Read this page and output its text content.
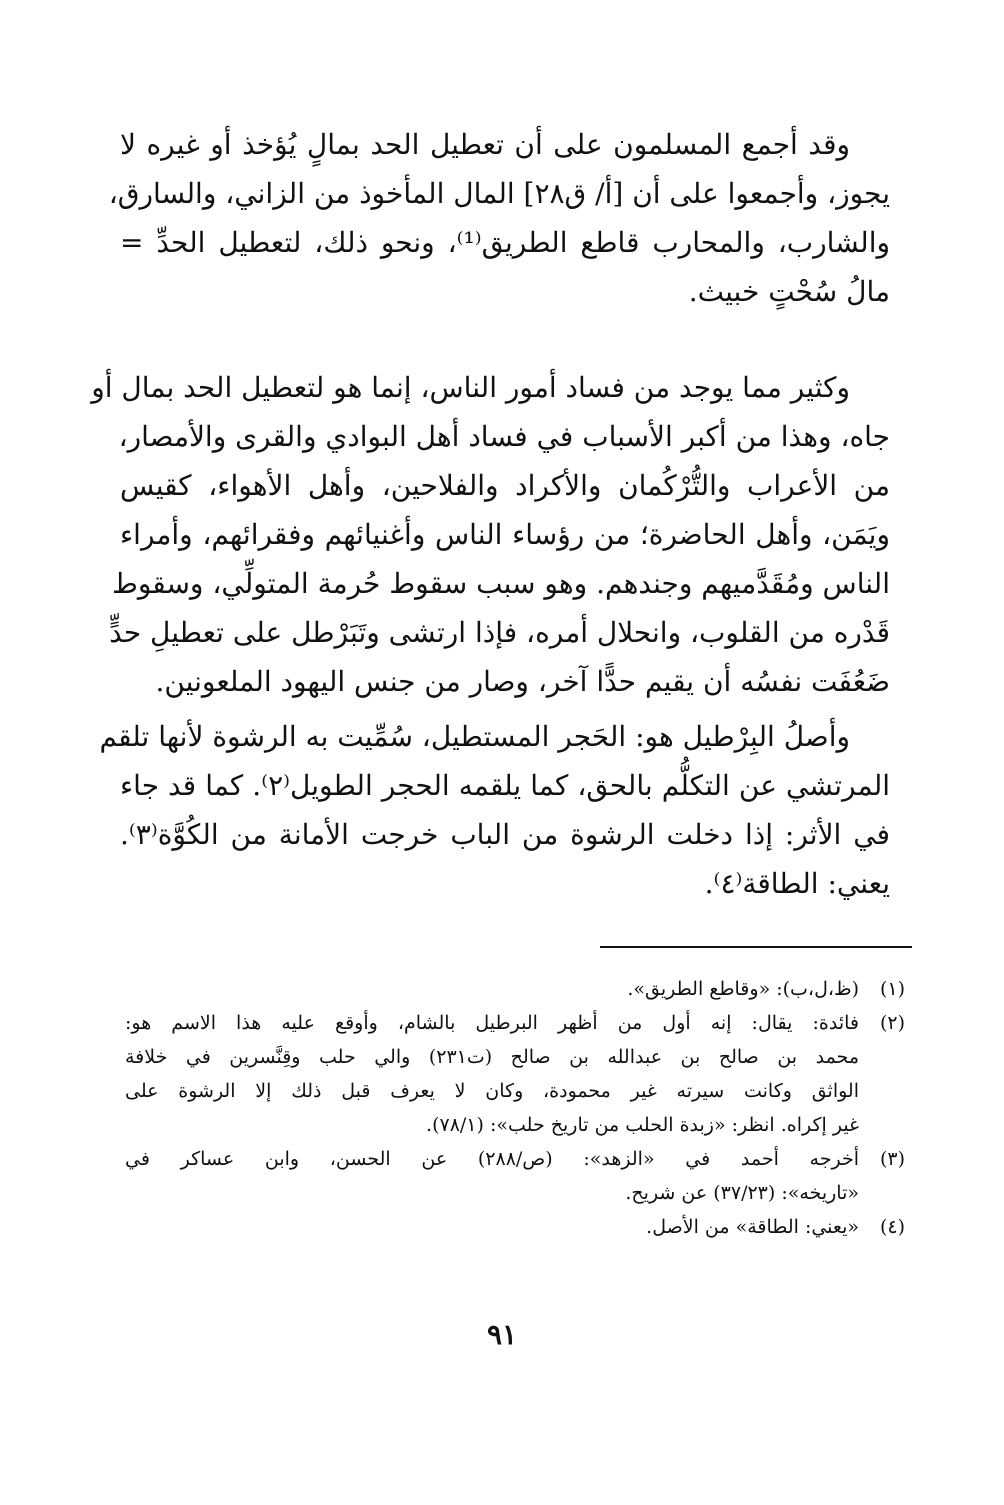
وقد أجمع المسلمون على أن تعطيل الحد بمالٍ يُؤخذ أو غيره لا
يجوز، وأجمعوا على أن [أ/ ق٢٨] المال المأخوذ من الزاني، والسارق،
والشارب، والمحارب قاطع الطريق⁽¹⁾، ونحو ذلك، لتعطيل الحدِّ =
مالُ سُحْتٍ خبيث.
وكثير مما يوجد من فساد أمور الناس، إنما هو لتعطيل الحد بمال أو
جاه، وهذا من أكبر الأسباب في فساد أهل البوادي والقرى والأمصار،
من الأعراب والتُّرْكُمان والأكراد والفلاحين، وأهل الأهواء، كقيس
ويَمَن، وأهل الحاضرة؛ من رؤساء الناس وأغنيائهم وفقرائهم، وأمراء
الناس ومُقَدَّميهم وجندهم. وهو سبب سقوط حُرمة المتولِّي، وسقوط
قَدْره من القلوب، وانحلال أمره، فإذا ارتشى وتَبَرْطل على تعطيلِ حدٍّ
ضَعُفَت نفسُه أن يقيم حدًّا آخر، وصار من جنس اليهود الملعونين.
وأصلُ البِرْطيل هو: الحَجر المستطيل، سُمِّيت به الرشوة لأنها تلقم
المرتشي عن التكلُّم بالحق، كما يلقمه الحجر الطويل⁽٢⁾. كما قد جاء
في الأثر: إذا دخلت الرشوة من الباب خرجت الأمانة من الكُوَّة⁽٣⁾.
يعني: الطاقة⁽٤⁾.
(١)
(ظ،ل،ب): «وقاطع الطريق».
(٢)
فائدة: يقال: إنه أول من أظهر البرطيل بالشام، وأوقع عليه هذا الاسم هو:
محمد بن صالح بن عبدالله بن صالح (ت٢٣١) والي حلب وقِنَّسرين في خلافة
الواثق وكانت سيرته غير محمودة، وكان لا يعرف قبل ذلك إلا الرشوة على
غير إكراه. انظر: «زبدة الحلب من تاريخ حلب»: (٧٨/١).
(٣)
أخرجه أحمد في «الزهد»: (ص/٢٨٨) عن الحسن، وابن عساكر في
«تاريخه»: (٣٧/٢٣) عن شريح.
(٤)
«يعني: الطاقة» من الأصل.
٩١
